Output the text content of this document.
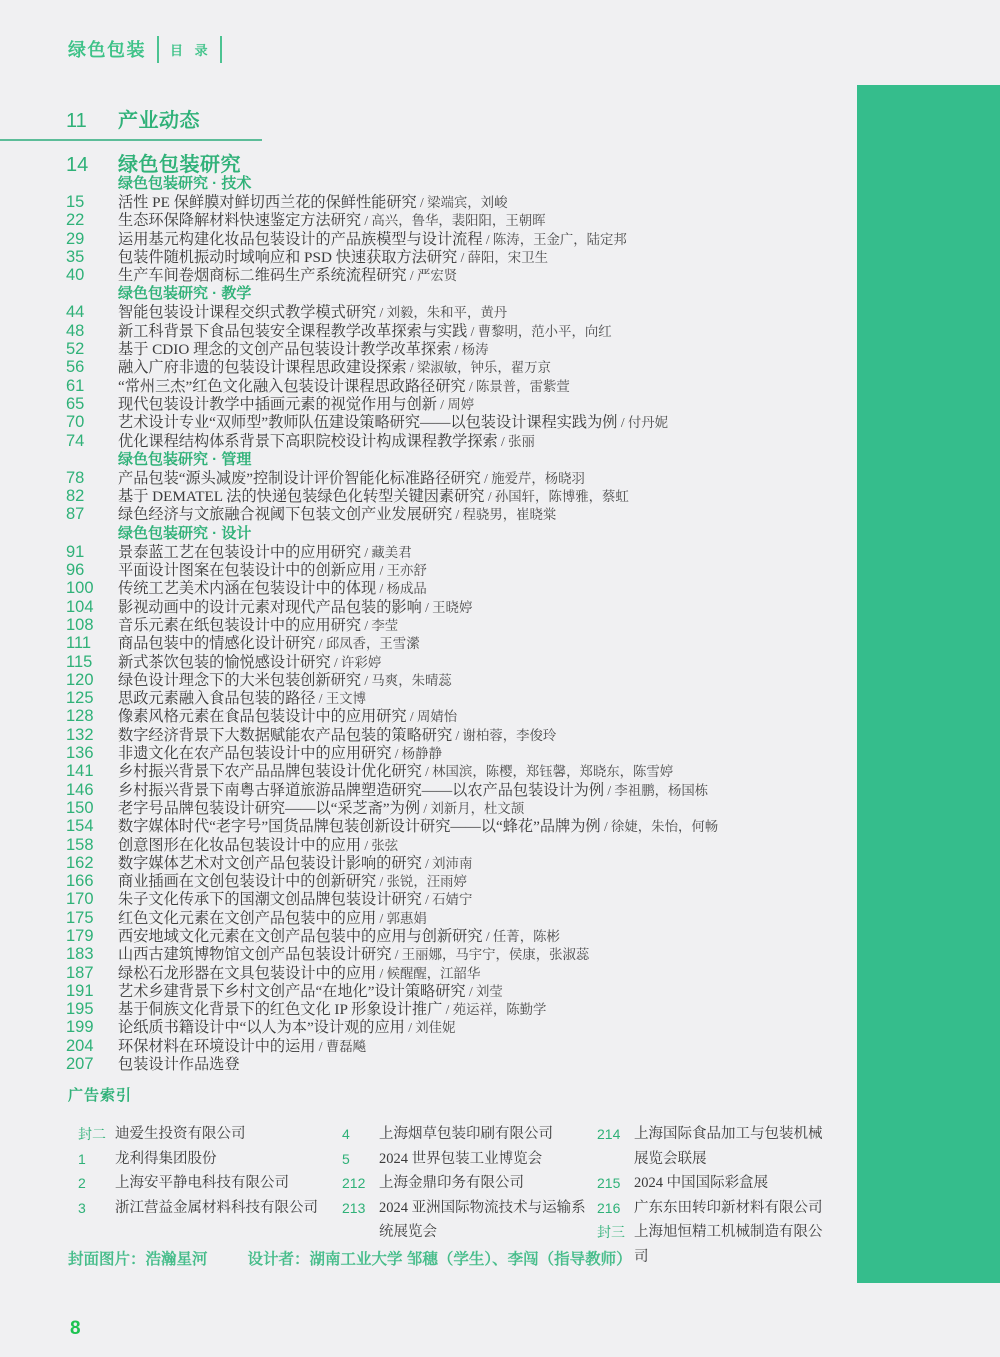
绿色包装 目 录
11	产业动态
14	绿色包装研究
绿色包装研究 · 技术
15	活性 PE 保鲜膜对鲜切西兰花的保鲜性能研究 / 梁端宾，刘峻
22	生态环保降解材料快速鉴定方法研究 / 高兴，鲁华，裴阳阳，王朝晖
29	运用基元构建化妆品包装设计的产品族模型与设计流程 / 陈涛，王金广，陆定邦
35	包装件随机振动时域响应和 PSD 快速获取方法研究 / 薛阳，宋卫生
40	生产车间卷烟商标二维码生产系统流程研究 / 严宏贤
绿色包装研究 · 教学
44	智能包装设计课程交织式教学模式研究 / 刘毅，朱和平，黄丹
48	新工科背景下食品包装安全课程教学改革探索与实践 / 曹黎明，范小平，向红
52	基于 CDIO 理念的文创产品包装设计教学改革探索 / 杨涛
56	融入广府非遗的包装设计课程思政建设探索 / 梁淑敏，钟乐，翟万京
61	“常州三杰”红色文化融入包装设计课程思政路径研究 / 陈景普，雷紫萱
65	现代包装设计教学中插画元素的视觉作用与创新 / 周婷
70	艺术设计专业“双师型”教师队伍建设策略研究——以包装设计课程实践为例 / 付丹妮
74	优化课程结构体系背景下高职院校设计构成课程教学探索 / 张丽
绿色包装研究 · 管理
78	产品包装“源头减废”控制设计评价智能化标准路径研究 / 施爱芹，杨晓羽
82	基于 DEMATEL 法的快递包装绿色化转型关键因素研究 / 孙国轩，陈博雅，蔡虹
87	绿色经济与文旅融合视阈下包装文创产业发展研究 / 程骁男，崔晓棠
绿色包装研究 · 设计
91	景泰蓝工艺在包装设计中的应用研究 / 藏美君
96	平面设计图案在包装设计中的创新应用 / 王亦舒
100	传统工艺美术内涵在包装设计中的体现 / 杨成品
104	影视动画中的设计元素对现代产品包装的影响 / 王晓婷
108	音乐元素在纸包装设计中的应用研究 / 李莹
111	商品包装中的情感化设计研究 / 邱凤香，王雪瀠
115	新式茶饮包装的愉悦感设计研究 / 许彩婷
120	绿色设计理念下的大米包装创新研究 / 马爽，朱晴蕊
125	思政元素融入食品包装的路径 / 王文博
128	像素风格元素在食品包装设计中的应用研究 / 周婧怡
132	数字经济背景下大数据赋能农产品包装的策略研究 / 谢柏蓉，李俊玲
136	非遗文化在农产品包装设计中的应用研究 / 杨静静
141	乡村振兴背景下农产品品牌包装设计优化研究 / 林国滨，陈樱，郑钰馨，郑晓东，陈雪婷
146	乡村振兴背景下南粤古驿道旅游品牌塑造研究——以农产品包装设计为例 / 李祖鹏，杨国栋
150	老字号品牌包装设计研究——以“采芝斋”为例 / 刘新月，杜文颉
154	数字媒体时代“老字号”国货品牌包装创新设计研究——以“蜂花”品牌为例 / 徐婕，朱怡，何畅
158	创意图形在化妆品包装设计中的应用 / 张弦
162	数字媒体艺术对文创产品包装设计影响的研究 / 刘沛南
166	商业插画在文创包装设计中的创新研究 / 张锐，汪雨婷
170	朱子文化传承下的国潮文创品牌包装设计研究 / 石婧宁
175	红色文化元素在文创产品包装中的应用 / 郭惠娟
179	西安地域文化元素在文创产品包装中的应用与创新研究 / 任菁，陈彬
183	山西古建筑博物馆文创产品包装设计研究 / 王丽娜，马宇宁，侯康，张淑蕊
187	绿松石龙形器在文具包装设计中的应用 / 候醒醒，江韶华
191	艺术乡建背景下乡村文创产品“在地化”设计策略研究 / 刘莹
195	基于侗族文化背景下的红色文化 IP 形象设计推广 / 苑运祥，陈勤学
199	论纸质书籍设计中“以人为本”设计观的应用 / 刘佳妮
204	环保材料在环境设计中的运用 / 曹磊飚
207	包装设计作品选登
广告索引
封二 迪爱生投资有限公司
1	龙利得集团股份
2	上海安平静电科技有限公司
3	浙江营益金属材料科技有限公司
4	上海烟草包装印刷有限公司
5	2024 世界包装工业博览会
212 上海金鼎印务有限公司
213 2024 亚洲国际物流技术与运输系统展览会
214 上海国际食品加工与包装机械展览会联展
215 2024 中国国际彩盒展
216 广东东田转印新材料有限公司
封三 上海旭恒精工机械制造有限公司
封面图片：浩瀚星河	设计者：湖南工业大学 邹穗（学生）、李闯（指导教师）
8
